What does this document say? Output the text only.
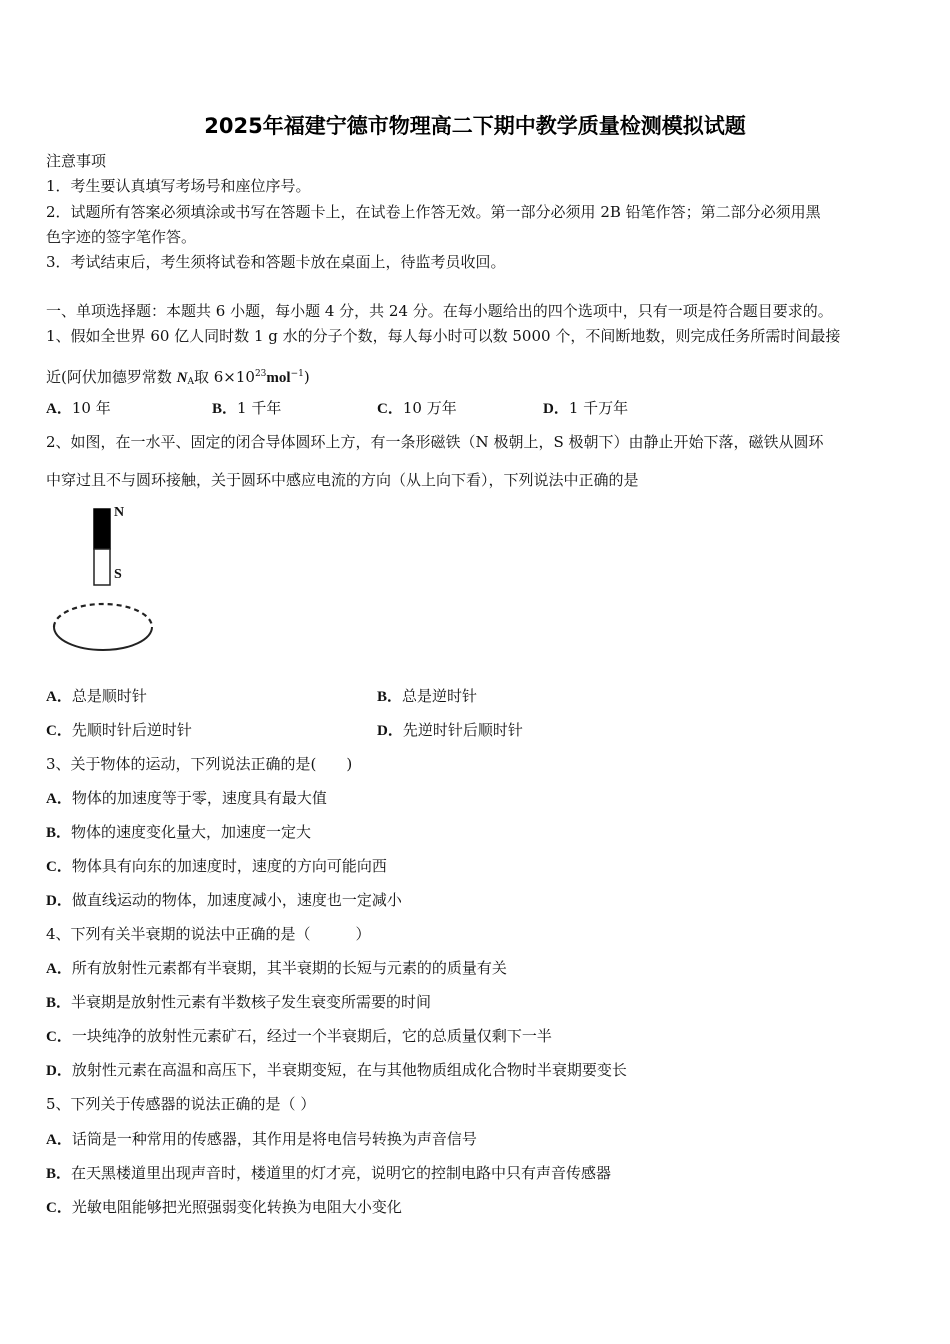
2025年福建宁德市物理高二下期中教学质量检测模拟试题
注意事项
1．考生要认真填写考场号和座位序号。
2．试题所有答案必须填涂或书写在答题卡上，在试卷上作答无效。第一部分必须用 2B 铅笔作答；第二部分必须用黑
色字迹的签字笔作答。
3．考试结束后，考生须将试卷和答题卡放在桌面上，待监考员收回。
一、单项选择题：本题共 6 小题，每小题 4 分，共 24 分。在每小题给出的四个选项中，只有一项是符合题目要求的。
1、假如全世界 60 亿人同时数 1 g 水的分子个数，每人每小时可以数 5000 个，不间断地数，则完成任务所需时间最接
近(阿伏加德罗常数 $N_A$取 $6\times 10^{23}mol^{-1}$)
A．10 年	B．1 千年	C．10 万年	D．1 千万年
2、如图，在一水平、固定的闭合导体圆环上方，有一条形磁铁（N 极朝上，S 极朝下）由静止开始下落，磁铁从圆环
中穿过且不与圆环接触，关于圆环中感应电流的方向（从上向下看），下列说法中正确的是
N
S
A．总是顺时针	B．总是逆时针
C．先顺时针后逆时针	D．先逆时针后顺时针
3、关于物体的运动，下列说法正确的是(　　)
A．物体的加速度等于零，速度具有最大值
B．物体的速度变化量大，加速度一定大
C．物体具有向东的加速度时，速度的方向可能向西
D．做直线运动的物体，加速度减小，速度也一定减小
4、下列有关半衰期的说法中正确的是（　　　）
A．所有放射性元素都有半衰期，其半衰期的长短与元素的的质量有关
B．半衰期是放射性元素有半数核子发生衰变所需要的时间
C．一块纯净的放射性元素矿石，经过一个半衰期后，它的总质量仅剩下一半
D．放射性元素在高温和高压下，半衰期变短，在与其他物质组成化合物时半衰期要变长
5、下列关于传感器的说法正确的是（ ）
A．话筒是一种常用的传感器，其作用是将电信号转换为声音信号
B．在天黑楼道里出现声音时，楼道里的灯才亮，说明它的控制电路中只有声音传感器
C．光敏电阻能够把光照强弱变化转换为电阻大小变化
